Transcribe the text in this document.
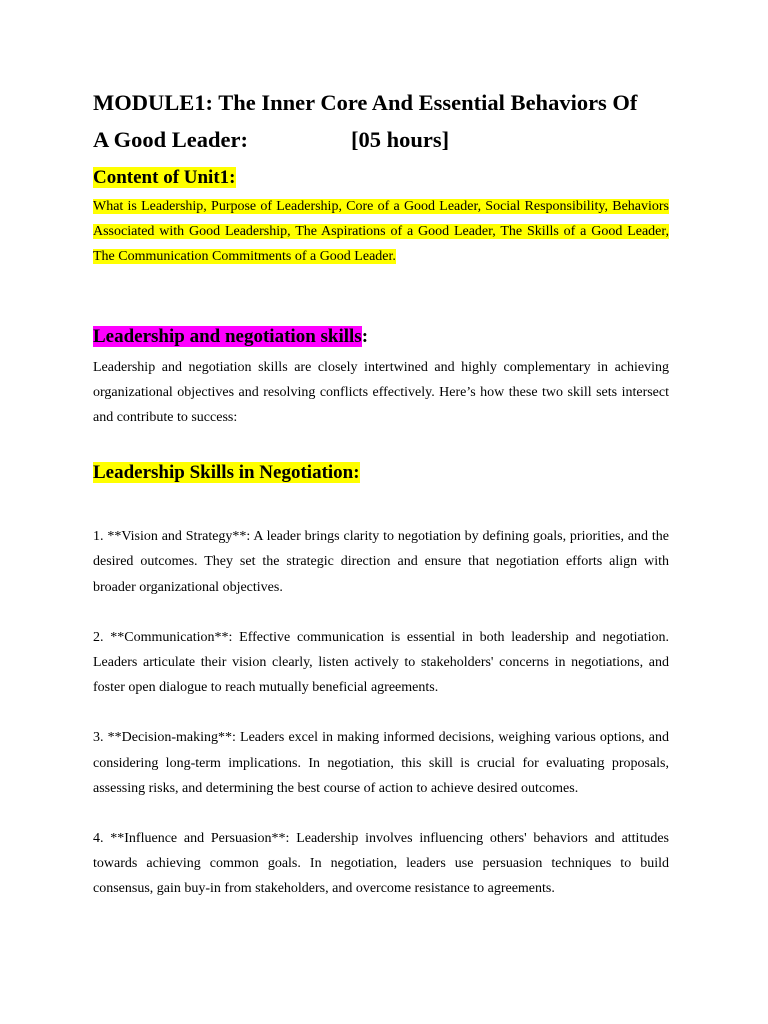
MODULE1: The Inner Core And Essential Behaviors Of
A Good Leader:	[05 hours]
Content of Unit1:
What is Leadership, Purpose of Leadership, Core of a Good Leader, Social Responsibility, Behaviors Associated with Good Leadership, The Aspirations of a Good Leader, The Skills of a Good Leader, The Communication Commitments of a Good Leader.
Leadership and negotiation skills:

Leadership and negotiation skills are closely intertwined and highly complementary in achieving organizational objectives and resolving conflicts effectively. Here’s how these two skill sets intersect and contribute to success:

Leadership Skills in Negotiation:

1. **Vision and Strategy**: A leader brings clarity to negotiation by defining goals, priorities, and the desired outcomes. They set the strategic direction and ensure that negotiation efforts align with broader organizational objectives.

2. **Communication**: Effective communication is essential in both leadership and negotiation. Leaders articulate their vision clearly, listen actively to stakeholders' concerns in negotiations, and foster open dialogue to reach mutually beneficial agreements.

3. **Decision-making**: Leaders excel in making informed decisions, weighing various options, and considering long-term implications. In negotiation, this skill is crucial for evaluating proposals, assessing risks, and determining the best course of action to achieve desired outcomes.

4. **Influence and Persuasion**: Leadership involves influencing others' behaviors and attitudes towards achieving common goals. In negotiation, leaders use persuasion techniques to build consensus, gain buy-in from stakeholders, and overcome resistance to agreements.
